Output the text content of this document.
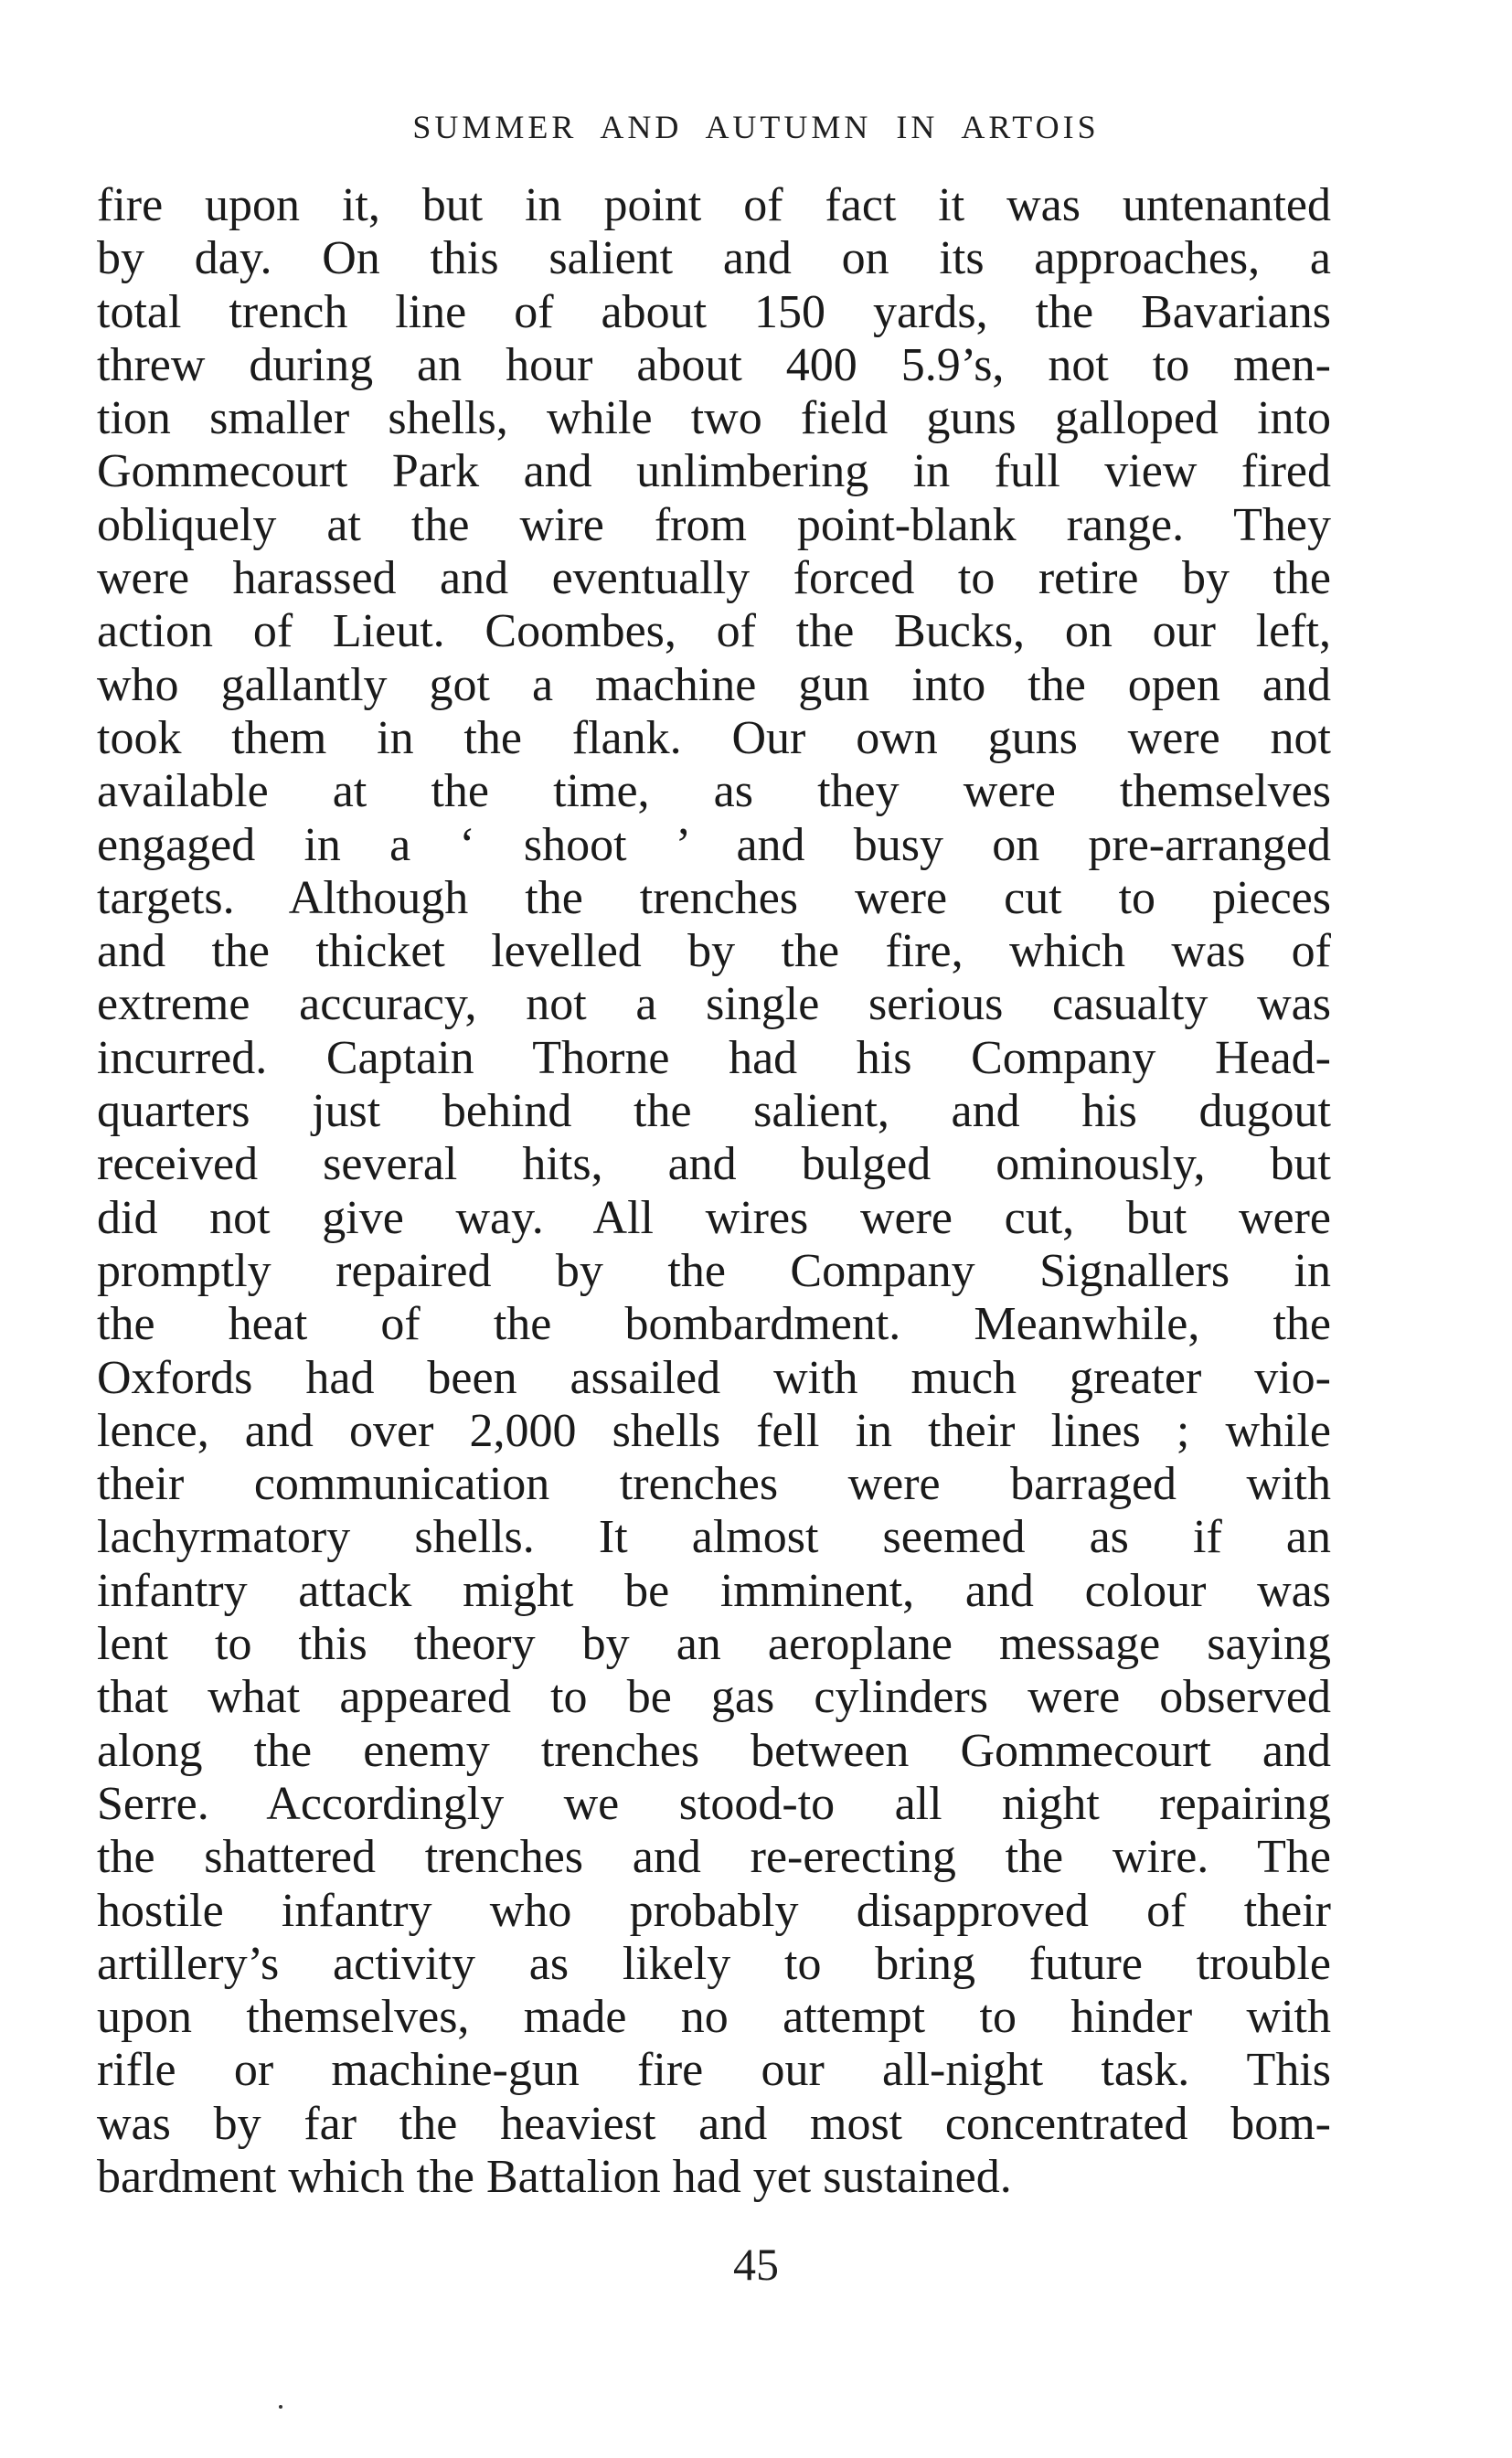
SUMMER AND AUTUMN IN ARTOIS
fire upon it, but in point of fact it was untenanted
by day. On this salient and on its approaches, a
total trench line of about 150 yards, the Bavarians
threw during an hour about 400 5.9’s, not to men-
tion smaller shells, while two field guns galloped into
Gommecourt Park and unlimbering in full view fired
obliquely at the wire from point-blank range. They
were harassed and eventually forced to retire by the
action of Lieut. Coombes, of the Bucks, on our left,
who gallantly got a machine gun into the open and
took them in the flank. Our own guns were not
available at the time, as they were themselves
engaged in a ‘ shoot ’ and busy on pre-arranged
targets. Although the trenches were cut to pieces
and the thicket levelled by the fire, which was of
extreme accuracy, not a single serious casualty was
incurred. Captain Thorne had his Company Head-
quarters just behind the salient, and his dugout
received several hits, and bulged ominously, but
did not give way. All wires were cut, but were
promptly repaired by the Company Signallers in
the heat of the bombardment. Meanwhile, the
Oxfords had been assailed with much greater vio-
lence, and over 2,000 shells fell in their lines ; while
their communication trenches were barraged with
lachyrmatory shells. It almost seemed as if an
infantry attack might be imminent, and colour was
lent to this theory by an aeroplane message saying
that what appeared to be gas cylinders were observed
along the enemy trenches between Gommecourt and
Serre. Accordingly we stood-to all night repairing
the shattered trenches and re-erecting the wire. The
hostile infantry who probably disapproved of their
artillery’s activity as likely to bring future trouble
upon themselves, made no attempt to hinder with
rifle or machine-gun fire our all-night task. This
was by far the heaviest and most concentrated bom-
bardment which the Battalion had yet sustained.
45
